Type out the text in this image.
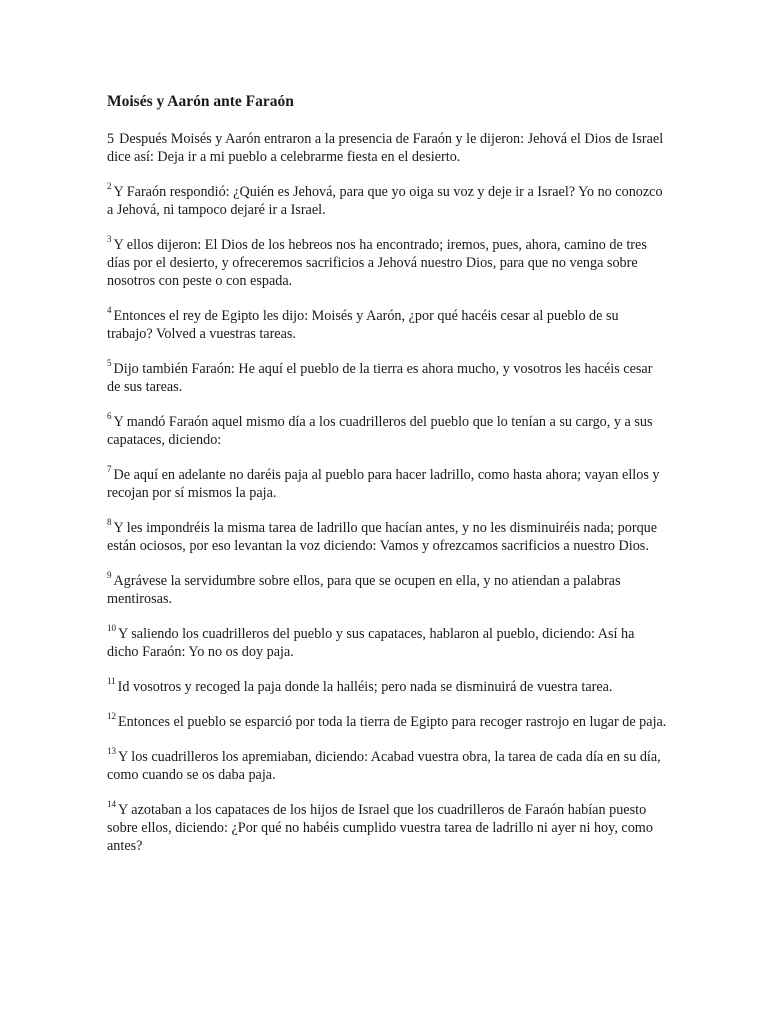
Moisés y Aarón ante Faraón

5 Después Moisés y Aarón entraron a la presencia de Faraón y le dijeron: Jehová el Dios de Israel dice así: Deja ir a mi pueblo a celebrarme fiesta en el desierto.

$^2$ Y Faraón respondió: ¿Quién es Jehová, para que yo oiga su voz y deje ir a Israel? Yo no conozco a Jehová, ni tampoco dejaré ir a Israel.

$^3$ Y ellos dijeron: El Dios de los hebreos nos ha encontrado; iremos, pues, ahora, camino de tres días por el desierto, y ofreceremos sacrificios a Jehová nuestro Dios, para que no venga sobre nosotros con peste o con espada.

$^4$ Entonces el rey de Egipto les dijo: Moisés y Aarón, ¿por qué hacéis cesar al pueblo de su trabajo? Volved a vuestras tareas.

$^5$ Dijo también Faraón: He aquí el pueblo de la tierra es ahora mucho, y vosotros les hacéis cesar de sus tareas.

$^6$ Y mandó Faraón aquel mismo día a los cuadrilleros del pueblo que lo tenían a su cargo, y a sus capataces, diciendo:

$^7$ De aquí en adelante no daréis paja al pueblo para hacer ladrillo, como hasta ahora; vayan ellos y recojan por sí mismos la paja.

$^8$ Y les impondréis la misma tarea de ladrillo que hacían antes, y no les disminuiréis nada; porque están ociosos, por eso levantan la voz diciendo: Vamos y ofrezcamos sacrificios a nuestro Dios.

$^9$ Agrávese la servidumbre sobre ellos, para que se ocupen en ella, y no atiendan a palabras mentirosas.

$^{10}$ Y saliendo los cuadrilleros del pueblo y sus capataces, hablaron al pueblo, diciendo: Así ha dicho Faraón: Yo no os doy paja.

$^{11}$ Id vosotros y recoged la paja donde la halléis; pero nada se disminuirá de vuestra tarea.

$^{12}$ Entonces el pueblo se esparció por toda la tierra de Egipto para recoger rastrojo en lugar de paja.

$^{13}$ Y los cuadrilleros los apremiaban, diciendo: Acabad vuestra obra, la tarea de cada día en su día, como cuando se os daba paja.

$^{14}$ Y azotaban a los capataces de los hijos de Israel que los cuadrilleros de Faraón habían puesto sobre ellos, diciendo: ¿Por qué no habéis cumplido vuestra tarea de ladrillo ni ayer ni hoy, como antes?
